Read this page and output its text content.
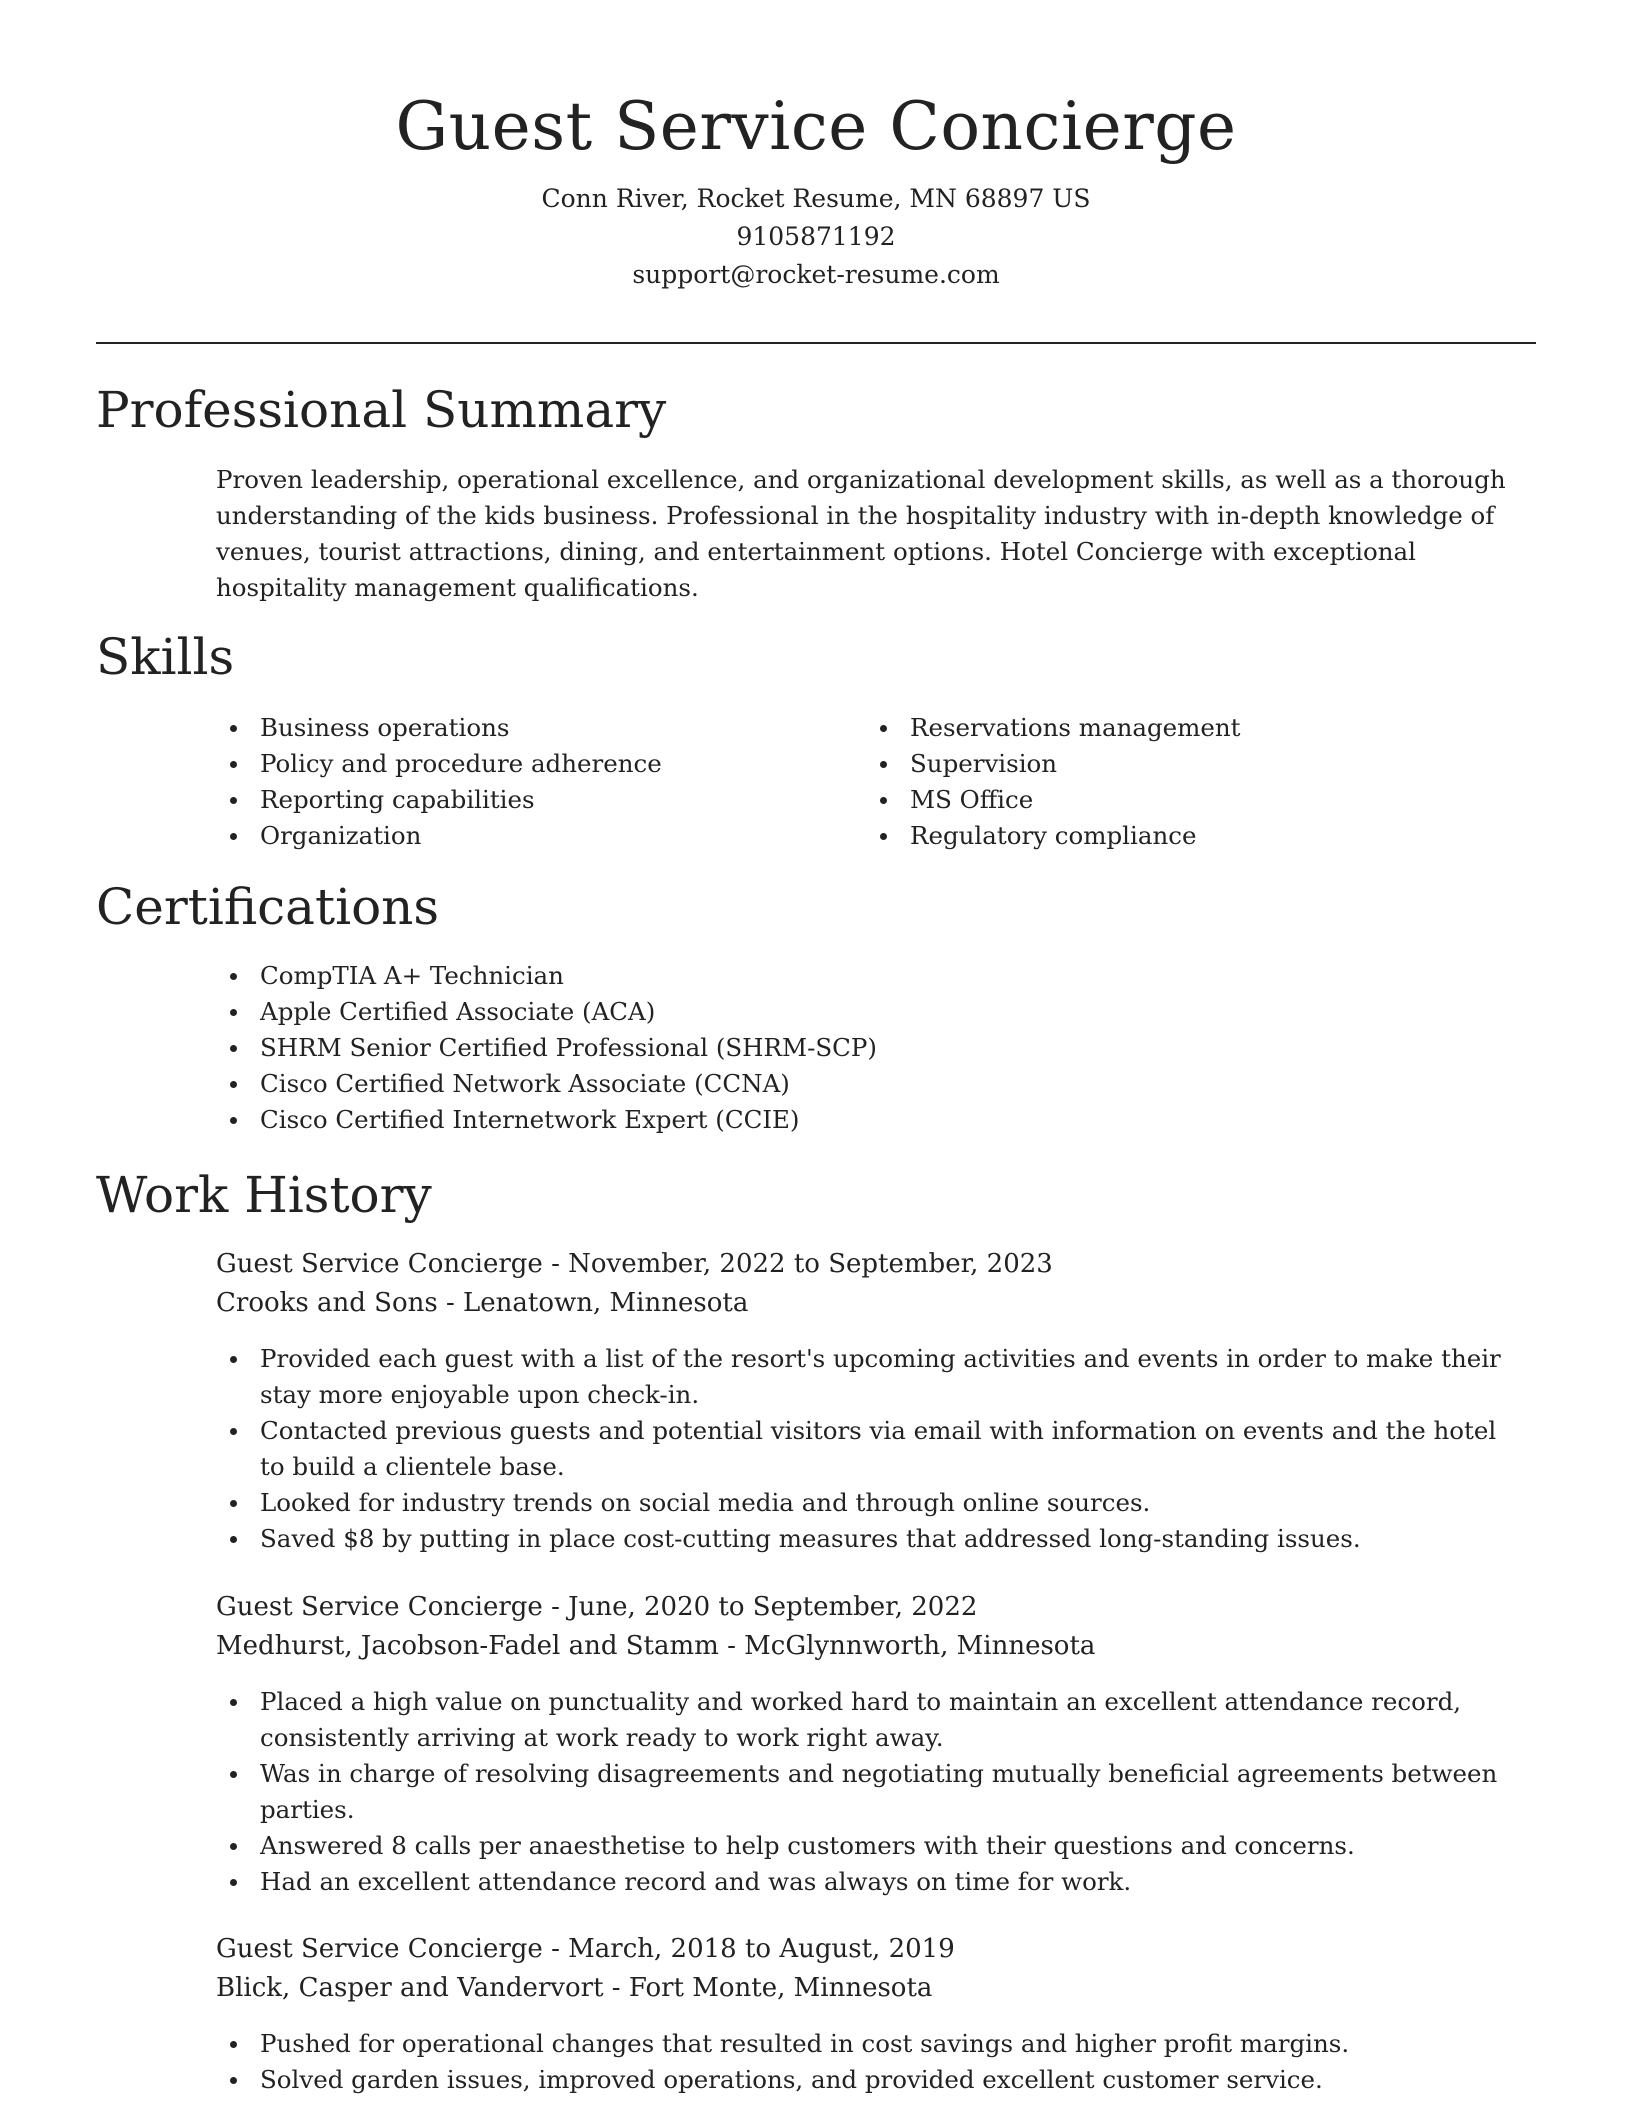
Guest Service Concierge

Conn River, Rocket Resume, MN 68897 US

9105871192

support@rocket-resume.com

Professional Summary

Proven leadership, operational excellence, and organizational development skills, as well as a thorough understanding of the kids business. Professional in the hospitality industry with in-depth knowledge of venues, tourist attractions, dining, and entertainment options. Hotel Concierge with exceptional hospitality management qualifications.

Skills
Business operations
Policy and procedure adherence
Reporting capabilities
Organization
Reservations management
Supervision
MS Office
Regulatory compliance
Certifications
CompTIA A+ Technician
Apple Certified Associate (ACA)
SHRM Senior Certified Professional (SHRM-SCP)
Cisco Certified Network Associate (CCNA)
Cisco Certified Internetwork Expert (CCIE)
Work History

Guest Service Concierge - November, 2022 to September, 2023

Crooks and Sons - Lenatown, Minnesota

Provided each guest with a list of the resort's upcoming activities and events in order to make their stay more enjoyable upon check-in.
Contacted previous guests and potential visitors via email with information on events and the hotel to build a clientele base.
Looked for industry trends on social media and through online sources.
Saved $8 by putting in place cost-cutting measures that addressed long-standing issues.

Guest Service Concierge - June, 2020 to September, 2022

Medhurst, Jacobson-Fadel and Stamm - McGlynnworth, Minnesota

Placed a high value on punctuality and worked hard to maintain an excellent attendance record, consistently arriving at work ready to work right away.
Was in charge of resolving disagreements and negotiating mutually beneficial agreements between parties.
Answered 8 calls per anaesthetise to help customers with their questions and concerns.
Had an excellent attendance record and was always on time for work.

Guest Service Concierge - March, 2018 to August, 2019

Blick, Casper and Vandervort - Fort Monte, Minnesota

Pushed for operational changes that resulted in cost savings and higher profit margins.
Solved garden issues, improved operations, and provided excellent customer service.
